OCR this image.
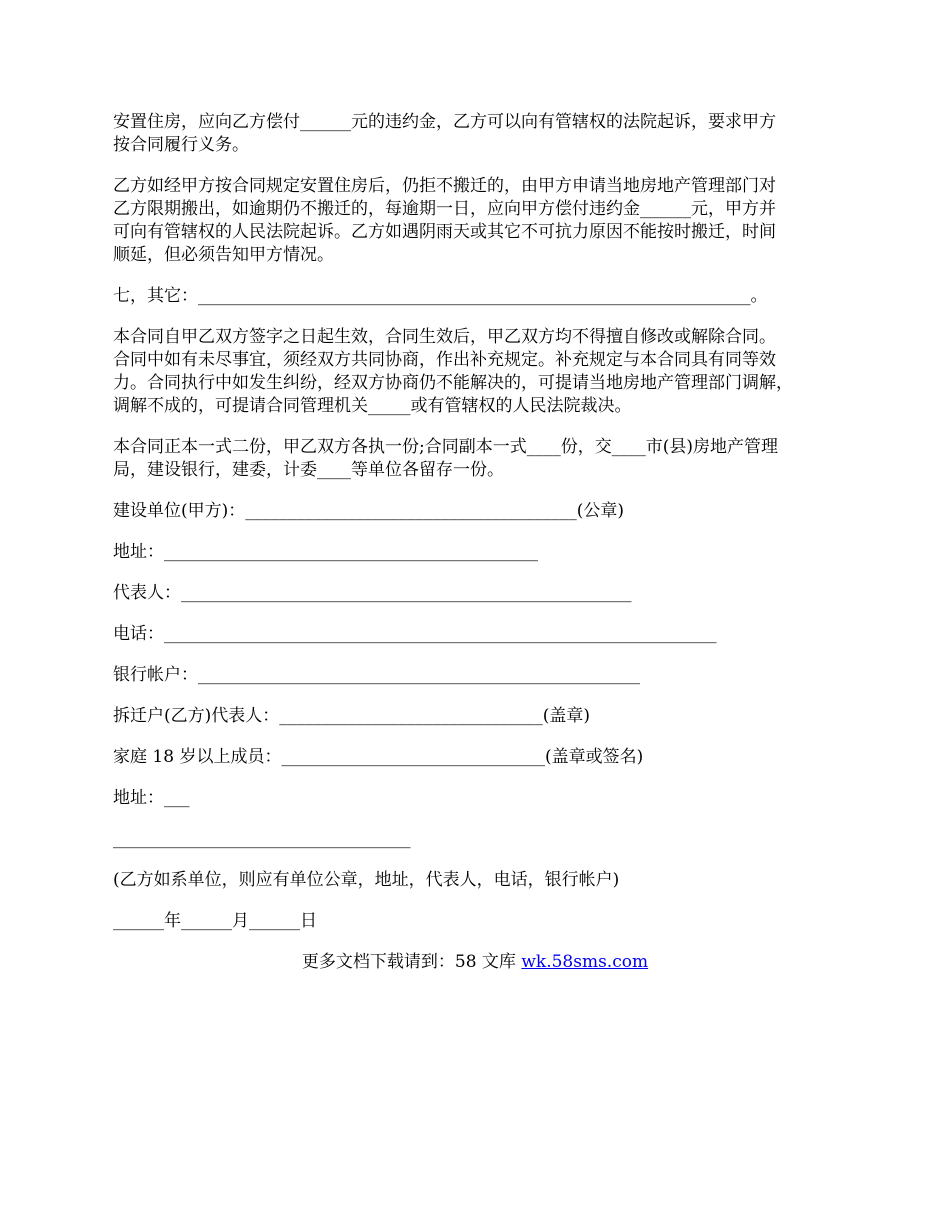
安置住房，应向乙方偿付______元的违约金，乙方可以向有管辖权的法院起诉，要求甲方
按合同履行义务。
乙方如经甲方按合同规定安置住房后，仍拒不搬迁的，由甲方申请当地房地产管理部门对
乙方限期搬出，如逾期仍不搬迁的，每逾期一日，应向甲方偿付违约金______元，甲方并
可向有管辖权的人民法院起诉。乙方如遇阴雨天或其它不可抗力原因不能按时搬迁，时间
顺延，但必须告知甲方情况。
七，其它：_________________________________________________________________。
本合同自甲乙双方签字之日起生效，合同生效后，甲乙双方均不得擅自修改或解除合同。
合同中如有未尽事宜，须经双方共同协商，作出补充规定。补充规定与本合同具有同等效
力。合同执行中如发生纠纷，经双方协商仍不能解决的，可提请当地房地产管理部门调解，
调解不成的，可提请合同管理机关_____或有管辖权的人民法院裁决。
本合同正本一式二份，甲乙双方各执一份;合同副本一式____份，交____市(县)房地产管理
局，建设银行，建委，计委____等单位各留存一份。
建设单位(甲方)：_______________________________________(公章)
地址：____________________________________________
代表人：_____________________________________________________
电话：_________________________________________________________________
银行帐户：____________________________________________________
拆迁户(乙方)代表人：_______________________________(盖章)
家庭 18 岁以上成员：_______________________________(盖章或签名)
地址：___
___________________________________
(乙方如系单位，则应有单位公章，地址，代表人，电话，银行帐户)
______年______月______日
更多文档下载请到：58 文库 wk.58sms.com
